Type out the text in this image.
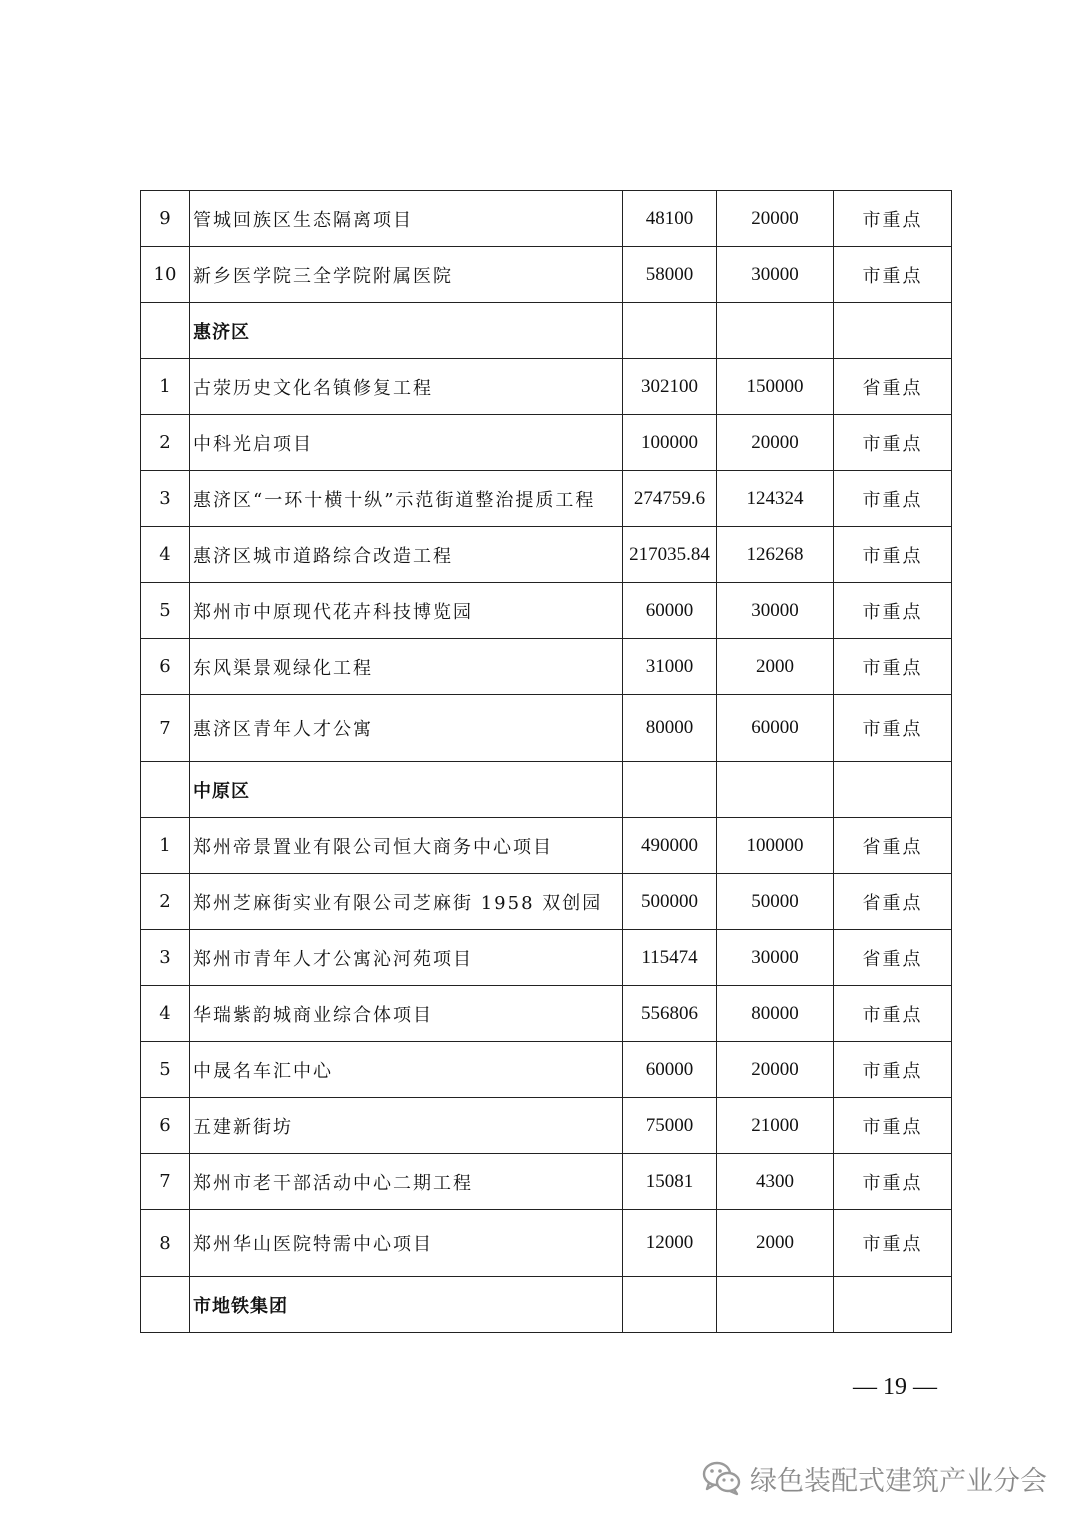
9	管城回族区生态隔离项目	48100	20000	市重点
10	新乡医学院三全学院附属医院	58000	30000	市重点
	惠济区			
1	古荥历史文化名镇修复工程	302100	150000	省重点
2	中科光启项目	100000	20000	市重点
3	惠济区“一环十横十纵”示范街道整治提质工程	274759.6	124324	市重点
4	惠济区城市道路综合改造工程	217035.84	126268	市重点
5	郑州市中原现代花卉科技博览园	60000	30000	市重点
6	东风渠景观绿化工程	31000	2000	市重点
7	惠济区青年人才公寓	80000	60000	市重点
	中原区			
1	郑州帝景置业有限公司恒大商务中心项目	490000	100000	省重点
2	郑州芝麻街实业有限公司芝麻街 1958 双创园	500000	50000	省重点
3	郑州市青年人才公寓沁河苑项目	115474	30000	省重点
4	华瑞紫韵城商业综合体项目	556806	80000	市重点
5	中晟名车汇中心	60000	20000	市重点
6	五建新街坊	75000	21000	市重点
7	郑州市老干部活动中心二期工程	15081	4300	市重点
8	郑州华山医院特需中心项目	12000	2000	市重点
	市地铁集团			
— 19 —
绿色装配式建筑产业分会
